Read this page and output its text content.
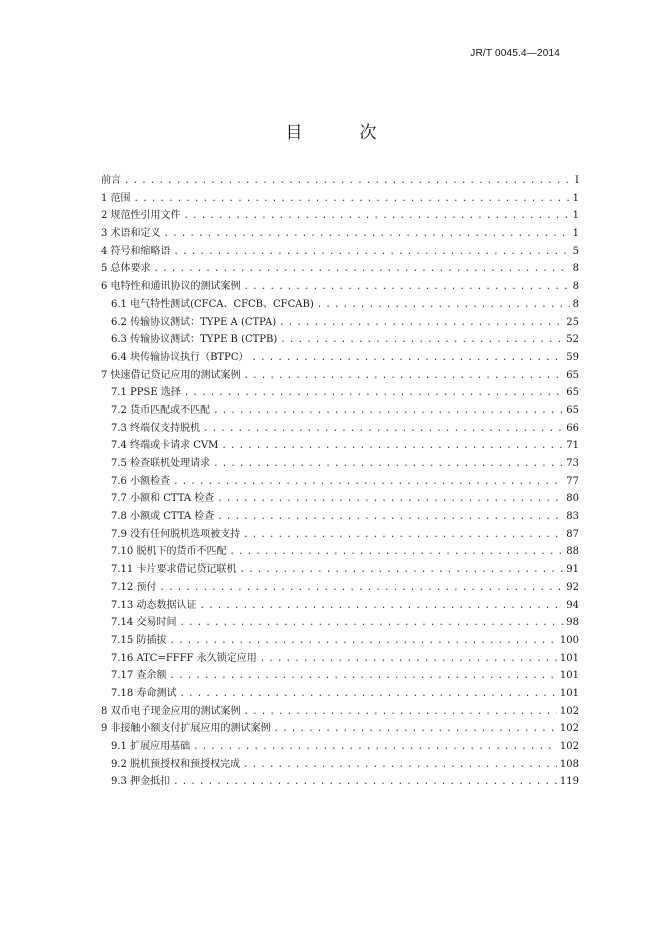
JR/T 0045.4—2014
目　次
前言 . . .	I
1 范围 . . .	1
2 规范性引用文件 . . .	1
3 术语和定义 . . .	1
4 符号和缩略语 . . .	5
5 总体要求 . . .	8
6 电特性和通讯协议的测试案例 . . .	8
6.1 电气特性测试(CFCA、CFCB、CFCAB) . . .	8
6.2 传输协议测试：TYPE A (CTPA) . . .	25
6.3 传输协议测试：TYPE B (CTPB) . . .	52
6.4 块传输协议执行（BTPC） . . .	59
7 快速借记贷记应用的测试案例 . . .	65
7.1 PPSE 选择 . . .	65
7.2 货币匹配或不匹配 . . .	65
7.3 终端仅支持脱机 . . .	66
7.4 终端或卡请求 CVM . . .	71
7.5 检查联机处理请求 . . .	73
7.6 小额检查 . . .	77
7.7 小额和 CTTA 检查 . . .	80
7.8 小额或 CTTA 检查 . . .	83
7.9 没有任何脱机选项被支持 . . .	87
7.10 脱机下的货币不匹配 . . .	88
7.11 卡片要求借记贷记联机 . . .	91
7.12 预付 . . .	92
7.13 动态数据认证 . . .	94
7.14 交易时间 . . .	98
7.15 防插拔 . . .	100
7.16 ATC=FFFF 永久锁定应用 . . .	101
7.17 查余额 . . .	101
7.18 寿命测试 . . .	101
8 双币电子现金应用的测试案例 . . .	102
9 非接触小额支付扩展应用的测试案例 . . .	102
9.1 扩展应用基础 . . .	102
9.2 脱机预授权和预授权完成 . . .	108
9.3 押金抵扣 . . .	119
